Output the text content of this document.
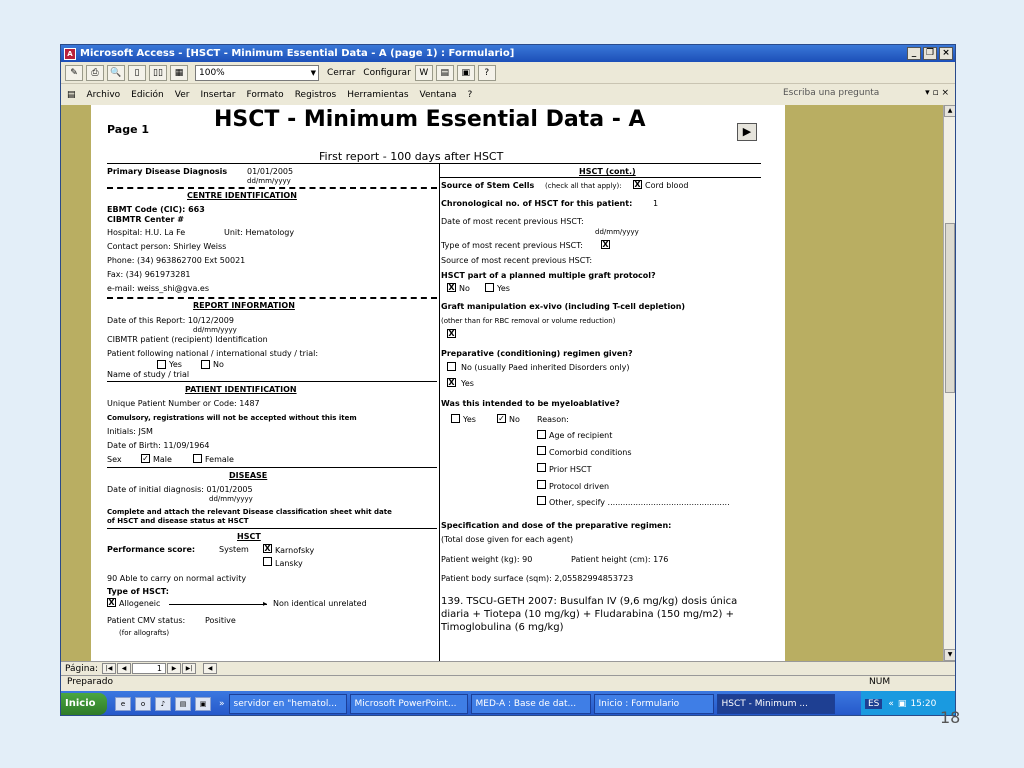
A Microsoft Access - [HSCT - Minimum Essential Data - A (page 1) : Formulario]	_	❐ ×
✎	⎙	🔍	▯	▯▯	▦	100%	▼ Cerrar Configurar W	▤	▣	?
▤ Archivo Edición Ver Insertar Formato Registros Herramientas Ventana ?	Escriba una pregunta	▾ ▫ ×
Page 1	HSCT - Minimum Essential Data - A	▶
First report - 100 days after HSCT
Primary Disease Diagnosis 01/01/2005
dd/mm/yyyy
CENTRE IDENTIFICATION
EBMT Code (CIC): 663
CIBMTR Center #
Hospital: H.U. La Fe	Unit: Hematology
Contact person: Shirley Weiss
Phone: (34) 963862700 Ext 50021
Fax: (34) 961973281
e-mail: weiss_shi@gva.es
REPORT INFORMATION
Date of this Report: 10/12/2009
dd/mm/yyyy
CIBMTR patient (recipient) Identification
Patient following national / international study / trial:
Yes	No
Name of study / trial
PATIENT IDENTIFICATION
Unique Patient Number or Code: 1487
Comulsory, registrations will not be accepted without this item
Initials: JSM
Date of Birth: 11/09/1964
Sex	✓ Male	Female
DISEASE
Date of initial diagnosis: 01/01/2005
dd/mm/yyyy
Complete and attach the relevant Disease classification sheet whit date
of HSCT and disease status at HSCT
HSCT
Performance score:	System X Karnofsky
Lansky
90 Able to carry on normal activity
Type of HSCT:
X Allogeneic	▸ Non identical unrelated
Patient CMV status: Positive
(for allografts)
HSCT (cont.)
Source of Stem Cells (check all that apply): X Cord blood
Chronological no. of HSCT for this patient:	1
Date of most recent previous HSCT:
dd/mm/yyyy
Type of most recent previous HSCT: X
Source of most recent previous HSCT:
HSCT part of a planned multiple graft protocol?
X No	Yes
Graft manipulation ex-vivo (including T-cell depletion)
(other than for RBC removal or volume reduction)
X
Preparative (conditioning) regimen given?
No (usually Paed inherited Disorders only)
X Yes
Was this intended to be myeloablative?
Yes	✓ No Reason:
Age of recipient
Comorbid conditions
Prior HSCT
Protocol driven
Other, specify ................................................
Specification and dose of the preparative regimen:
(Total dose given for each agent)
Patient weight (kg): 90	Patient height (cm): 176
Patient body surface (sqm): 2,05582994853723
139. TSCU-GETH 2007: Busulfan IV (9,6 mg/kg) dosis única
diaria + Tiotepa (10 mg/kg) + Fludarabina (150 mg/m2) +
Timoglobulina (6 mg/kg)
▲
▼
Página:	|◀	◀	1	▶	▶|	◀
Preparado	NUM
Inicio	e	o	♪	▤	▣	»	servidor en "hematol...	Microsoft PowerPoint...	MED-A : Base de dat...	Inicio : Formulario	HSCT - Minimum ...	ES	« ▣ 15:20
18
